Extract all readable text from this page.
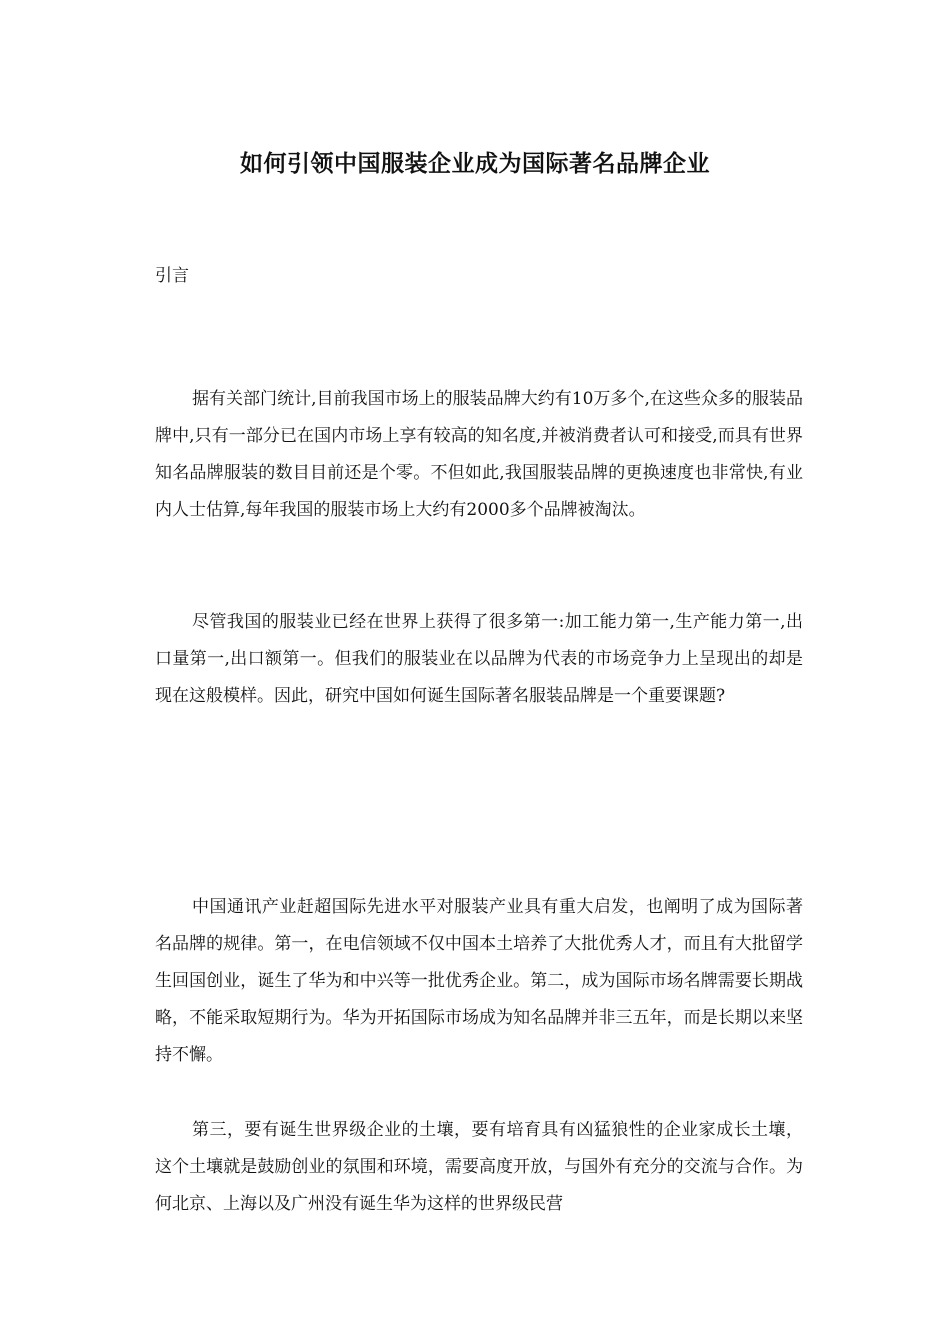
如何引领中国服装企业成为国际著名品牌企业
引言

据有关部门统计,目前我国市场上的服装品牌大约有10万多个,在这些众多的服装品牌中,只有一部分已在国内市场上享有较高的知名度,并被消费者认可和接受,而具有世界知名品牌服装的数目目前还是个零。不但如此,我国服装品牌的更换速度也非常快,有业内人士估算,每年我国的服装市场上大约有2000多个品牌被淘汰。

尽管我国的服装业已经在世界上获得了很多第一:加工能力第一,生产能力第一,出口量第一,出口额第一。但我们的服装业在以品牌为代表的市场竞争力上呈现出的却是现在这般模样。因此，研究中国如何诞生国际著名服装品牌是一个重要课题?

中国通讯产业赶超国际先进水平对服装产业具有重大启发，也阐明了成为国际著名品牌的规律。第一，在电信领域不仅中国本土培养了大批优秀人才，而且有大批留学生回国创业，诞生了华为和中兴等一批优秀企业。第二，成为国际市场名牌需要长期战略，不能采取短期行为。华为开拓国际市场成为知名品牌并非三五年，而是长期以来坚持不懈。

第三，要有诞生世界级企业的土壤，要有培育具有凶猛狼性的企业家成长土壤，这个土壤就是鼓励创业的氛围和环境，需要高度开放，与国外有充分的交流与合作。为何北京、上海以及广州没有诞生华为这样的世界级民营
